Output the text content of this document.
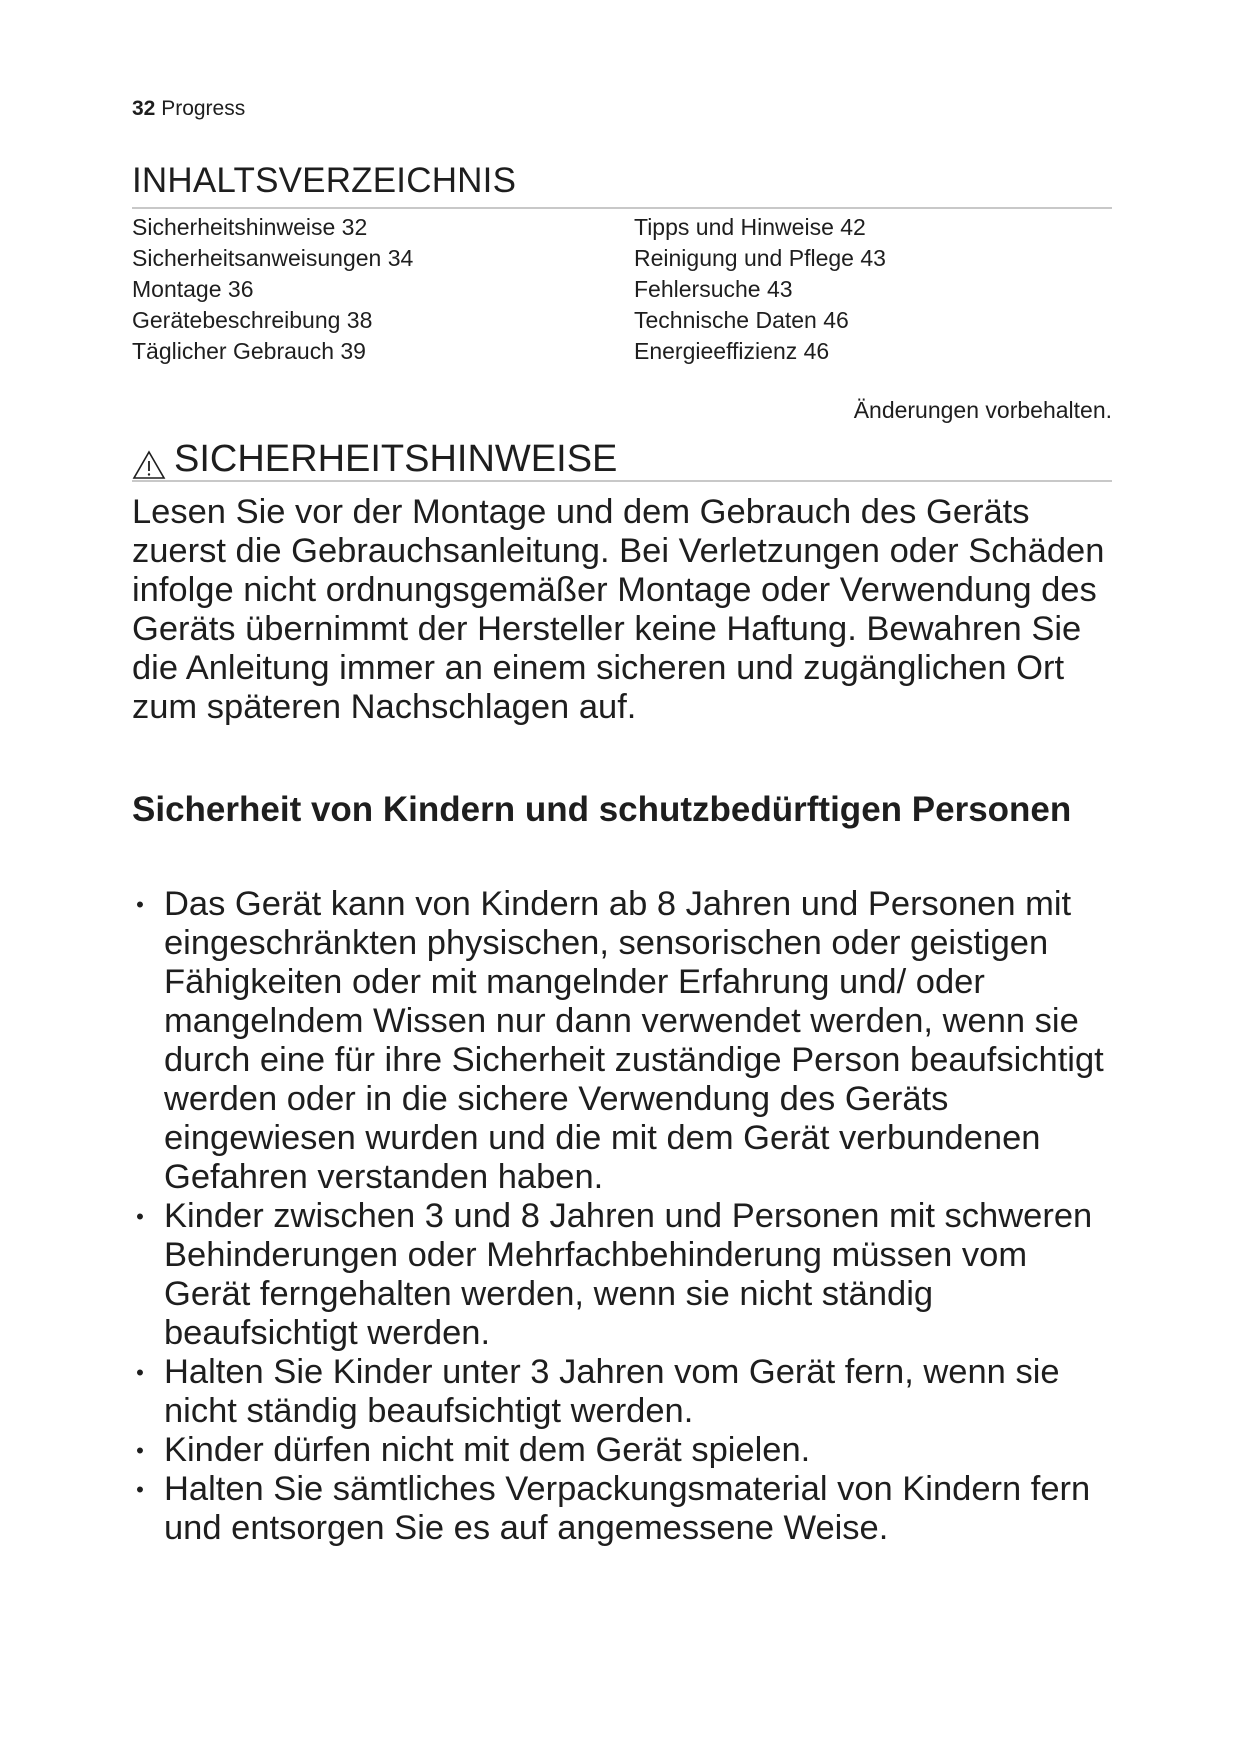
32 Progress
INHALTSVERZEICHNIS
Sicherheitshinweise 32
Sicherheitsanweisungen 34
Montage 36
Gerätebeschreibung 38
Täglicher Gebrauch 39
Tipps und Hinweise 42
Reinigung und Pflege 43
Fehlersuche 43
Technische Daten 46
Energieeffizienz 46
Änderungen vorbehalten.
SICHERHEITSHINWEISE
Lesen Sie vor der Montage und dem Gebrauch des Geräts zuerst die Gebrauchsanleitung. Bei Verletzungen oder Schäden infolge nicht ordnungsgemäßer Montage oder Verwendung des Geräts übernimmt der Hersteller keine Haftung. Bewahren Sie die Anleitung immer an einem sicheren und zugänglichen Ort zum späteren Nachschlagen auf.
Sicherheit von Kindern und schutzbedürftigen Personen
• Das Gerät kann von Kindern ab 8 Jahren und Personen mit eingeschränkten physischen, sensorischen oder geistigen Fähigkeiten oder mit mangelnder Erfahrung und/ oder mangelndem Wissen nur dann verwendet werden, wenn sie durch eine für ihre Sicherheit zuständige Person beaufsichtigt werden oder in die sichere Verwendung des Geräts eingewiesen wurden und die mit dem Gerät verbundenen Gefahren verstanden haben.
• Kinder zwischen 3 und 8 Jahren und Personen mit schweren Behinderungen oder Mehrfachbehinderung müssen vom Gerät ferngehalten werden, wenn sie nicht ständig beaufsichtigt werden.
• Halten Sie Kinder unter 3 Jahren vom Gerät fern, wenn sie nicht ständig beaufsichtigt werden.
• Kinder dürfen nicht mit dem Gerät spielen.
• Halten Sie sämtliches Verpackungsmaterial von Kindern fern und entsorgen Sie es auf angemessene Weise.
